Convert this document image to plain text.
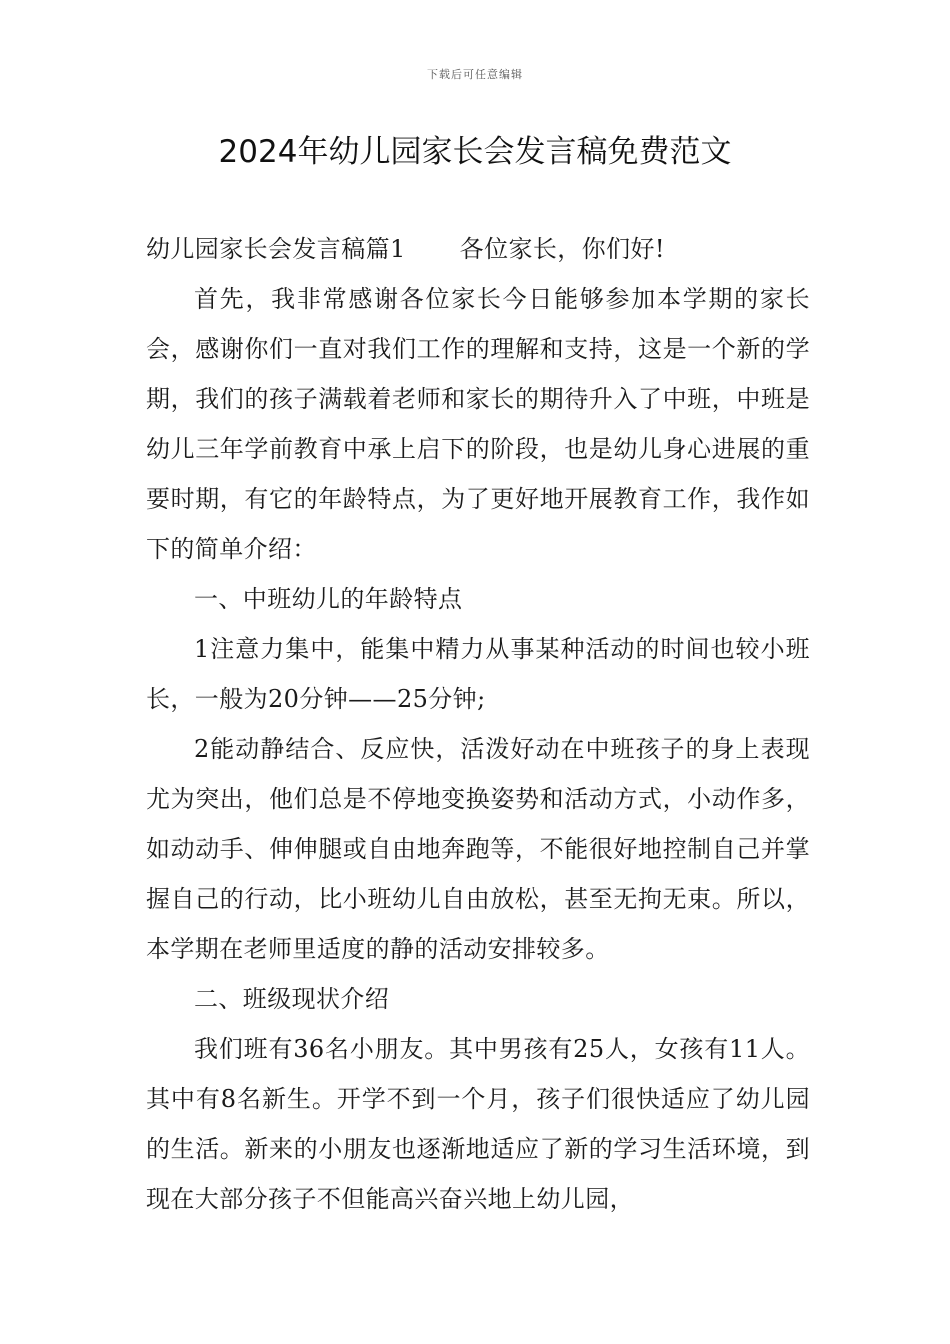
下载后可任意编辑
2024年幼儿园家长会发言稿免费范文

幼儿园家长会发言稿篇1 各位家长，你们好!

首先，我非常感谢各位家长今日能够参加本学期的家长会，感谢你们一直对我们工作的理解和支持，这是一个新的学期，我们的孩子满载着老师和家长的期待升入了中班，中班是幼儿三年学前教育中承上启下的阶段，也是幼儿身心进展的重要时期，有它的年龄特点，为了更好地开展教育工作，我作如下的简单介绍：

一、中班幼儿的年龄特点

1注意力集中，能集中精力从事某种活动的时间也较小班长，一般为20分钟——25分钟;

2能动静结合、反应快，活泼好动在中班孩子的身上表现尤为突出，他们总是不停地变换姿势和活动方式，小动作多，如动动手、伸伸腿或自由地奔跑等，不能很好地控制自己并掌握自己的行动，比小班幼儿自由放松，甚至无拘无束。所以，本学期在老师里适度的静的活动安排较多。

二、班级现状介绍

我们班有36名小朋友。其中男孩有25人，女孩有11人。其中有8名新生。开学不到一个月，孩子们很快适应了幼儿园的生活。新来的小朋友也逐渐地适应了新的学习生活环境，到现在大部分孩子不但能高兴奋兴地上幼儿园，
